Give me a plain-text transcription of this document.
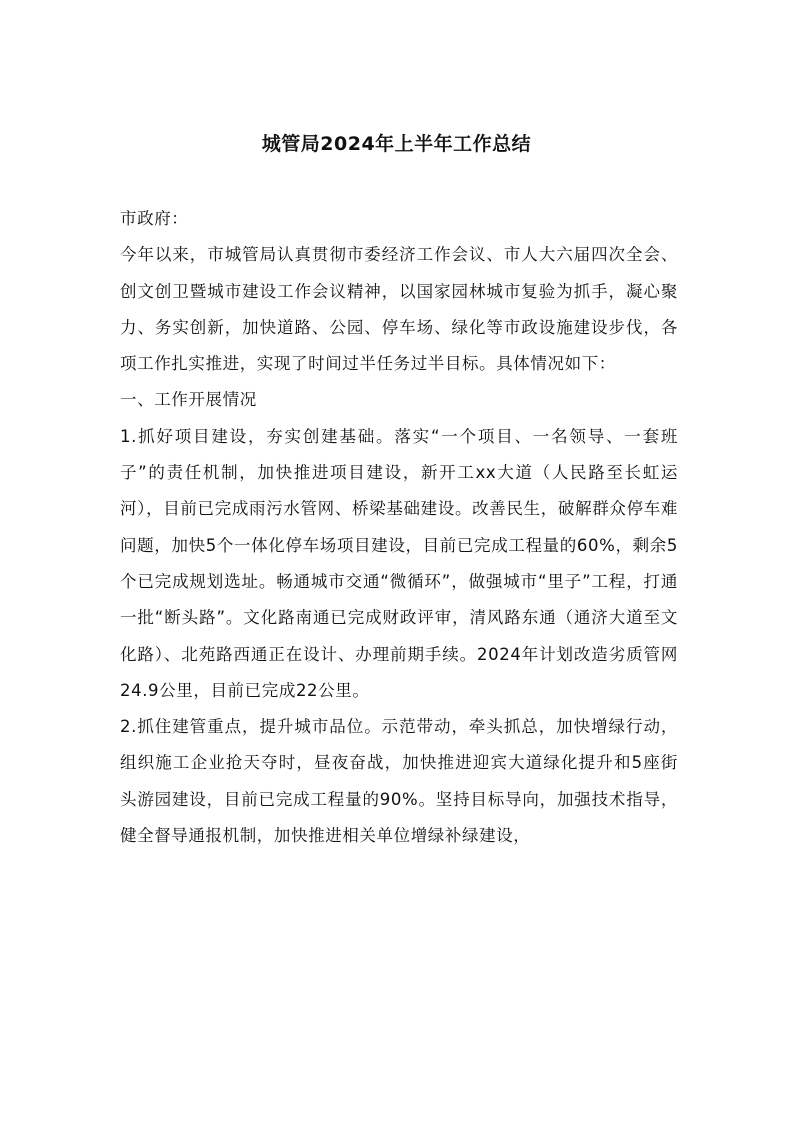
城管局2024年上半年工作总结

市政府：

今年以来，市城管局认真贯彻市委经济工作会议、市人大六届四次全会、创文创卫暨城市建设工作会议精神，以国家园林城市复验为抓手，凝心聚力、务实创新，加快道路、公园、停车场、绿化等市政设施建设步伐，各项工作扎实推进，实现了时间过半任务过半目标。具体情况如下：

一、工作开展情况

1.抓好项目建设，夯实创建基础。落实“一个项目、一名领导、一套班子”的责任机制，加快推进项目建设，新开工xx大道（人民路至长虹运河），目前已完成雨污水管网、桥梁基础建设。改善民生，破解群众停车难问题，加快5个一体化停车场项目建设，目前已完成工程量的60%，剩余5个已完成规划选址。畅通城市交通“微循环”，做强城市“里子”工程，打通一批“断头路”。文化路南通已完成财政评审，清风路东通（通济大道至文化路）、北苑路西通正在设计、办理前期手续。2024年计划改造劣质管网24.9公里，目前已完成22公里。

2.抓住建管重点，提升城市品位。示范带动，牵头抓总，加快增绿行动，组织施工企业抢天夺时，昼夜奋战，加快推进迎宾大道绿化提升和5座街头游园建设，目前已完成工程量的90%。坚持目标导向，加强技术指导，健全督导通报机制，加快推进相关单位增绿补绿建设，
